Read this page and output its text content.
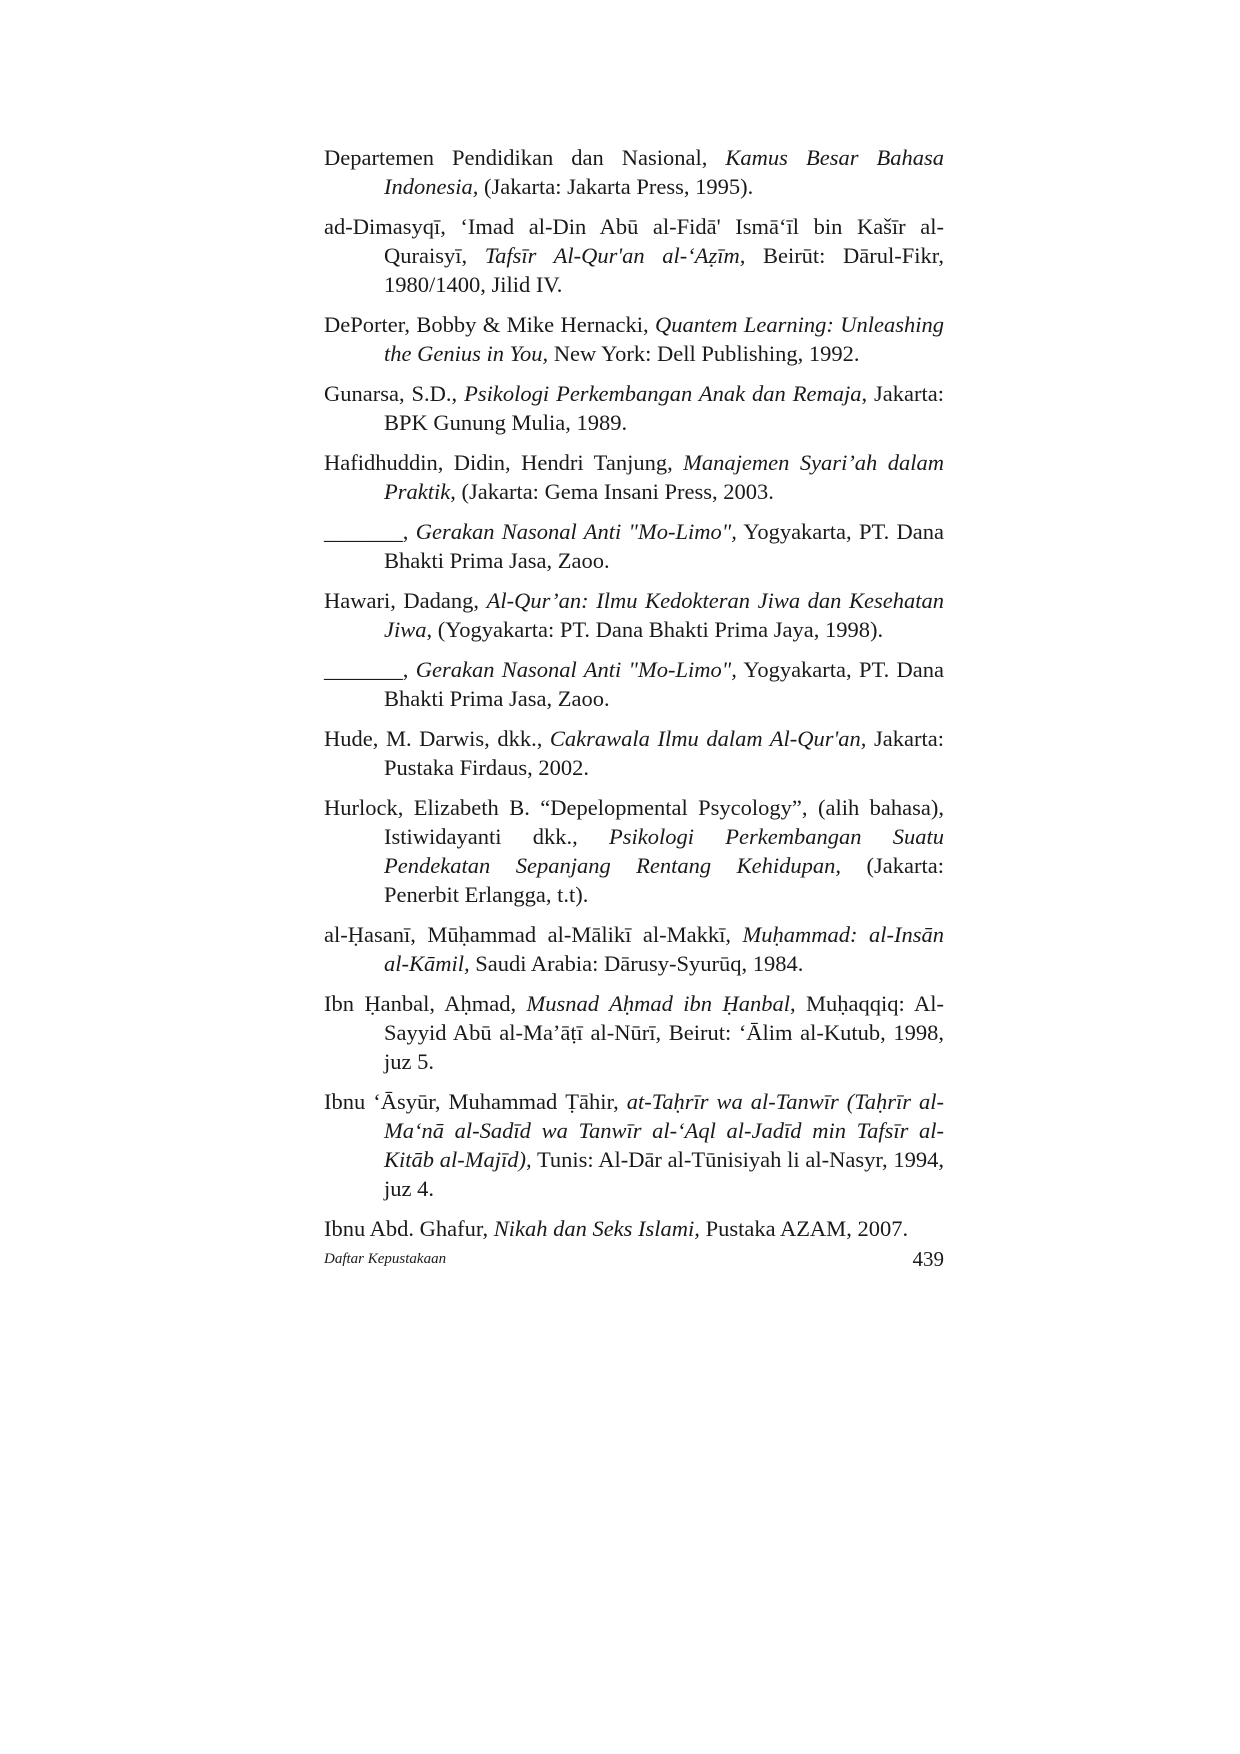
Departemen Pendidikan dan Nasional, Kamus Besar Bahasa Indonesia, (Jakarta: Jakarta Press, 1995).

ad-Dimasyqī, ‘Imad al-Din Abū al-Fidā' Ismā‘īl bin Kašīr al-Quraisyī, Tafsīr Al-Qur'an al-‘Aẓīm, Beirūt: Dārul-Fikr, 1980/1400, Jilid IV.

DePorter, Bobby & Mike Hernacki, Quantem Learning: Unleashing the Genius in You, New York: Dell Publishing, 1992.

Gunarsa, S.D., Psikologi Perkembangan Anak dan Remaja, Jakarta: BPK Gunung Mulia, 1989.

Hafidhuddin, Didin, Hendri Tanjung, Manajemen Syari’ah dalam Praktik, (Jakarta: Gema Insani Press, 2003.

_______, Gerakan Nasonal Anti "Mo-Limo", Yogyakarta, PT. Dana Bhakti Prima Jasa, Zaoo.

Hawari, Dadang, Al-Qur’an: Ilmu Kedokteran Jiwa dan Kesehatan Jiwa, (Yogyakarta: PT. Dana Bhakti Prima Jaya, 1998).

_______, Gerakan Nasonal Anti "Mo-Limo", Yogyakarta, PT. Dana Bhakti Prima Jasa, Zaoo.

Hude, M. Darwis, dkk., Cakrawala Ilmu dalam Al-Qur'an, Jakarta: Pustaka Firdaus, 2002.

Hurlock, Elizabeth B. “Depelopmental Psycology”, (alih bahasa), Istiwidayanti dkk., Psikologi Perkembangan Suatu Pendekatan Sepanjang Rentang Kehidupan, (Jakarta: Penerbit Erlangga, t.t).

al-Ḥasanī, Mūḥammad al-Mālikī al-Makkī, Muḥammad: al-Insān al-Kāmil, Saudi Arabia: Dārusy-Syurūq, 1984.

Ibn Ḥanbal, Aḥmad, Musnad Aḥmad ibn Ḥanbal, Muḥaqqiq: Al-Sayyid Abū al-Ma’āṭī al-Nūrī, Beirut: ‘Ālim al-Kutub, 1998, juz 5.

Ibnu ‘Āsyūr, Muhammad Ṭāhir, at-Taḥrīr wa al-Tanwīr (Taḥrīr al-Ma‘nā al-Sadīd wa Tanwīr al-‘Aql al-Jadīd min Tafsīr al-Kitāb al-Majīd), Tunis: Al-Dār al-Tūnisiyah li al-Nasyr, 1994, juz 4.

Ibnu Abd. Ghafur, Nikah dan Seks Islami, Pustaka AZAM, 2007.

Daftar Kepustakaan	439
